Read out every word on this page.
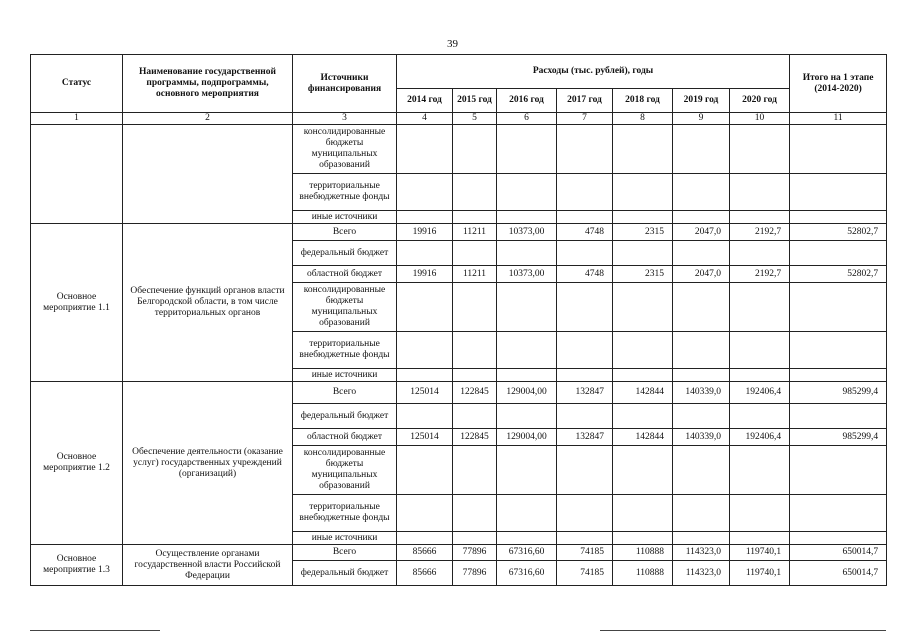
39
Статус	Наименование государственной программы, подпрограммы, основного мероприятия	Источники финансирования	Расходы (тыс. рублей), годы							Итого на 1 этапе (2014-2020)
			2014 год	2015 год	2016 год	2017 год	2018 год	2019 год	2020 год	
1	2	3	4	5	6	7	8	9	10	11
		консолидированные бюджеты муниципальных образований								
		территориальные внебюджетные фонды								
		иные источники								
Основное мероприятие 1.1	Обеспечение функций органов власти Белгородской области, в том числе территориальных органов	Всего	19916	11211	10373,00	4748	2315	2047,0	2192,7	52802,7
		федеральный бюджет								
		областной бюджет	19916	11211	10373,00	4748	2315	2047,0	2192,7	52802,7
		консолидированные бюджеты муниципальных образований								
		территориальные внебюджетные фонды								
		иные источники								
Основное мероприятие 1.2	Обеспечение деятельности (оказание услуг) государственных учреждений (организаций)	Всего	125014	122845	129004,00	132847	142844	140339,0	192406,4	985299,4
		федеральный бюджет								
		областной бюджет	125014	122845	129004,00	132847	142844	140339,0	192406,4	985299,4
		консолидированные бюджеты муниципальных образований								
		территориальные внебюджетные фонды								
		иные источники								
Основное мероприятие 1.3	Осуществление органами государственной власти Российской Федерации	Всего	85666	77896	67316,60	74185	110888	114323,0	119740,1	650014,7
		федеральный бюджет	85666	77896	67316,60	74185	110888	114323,0	119740,1	650014,7
